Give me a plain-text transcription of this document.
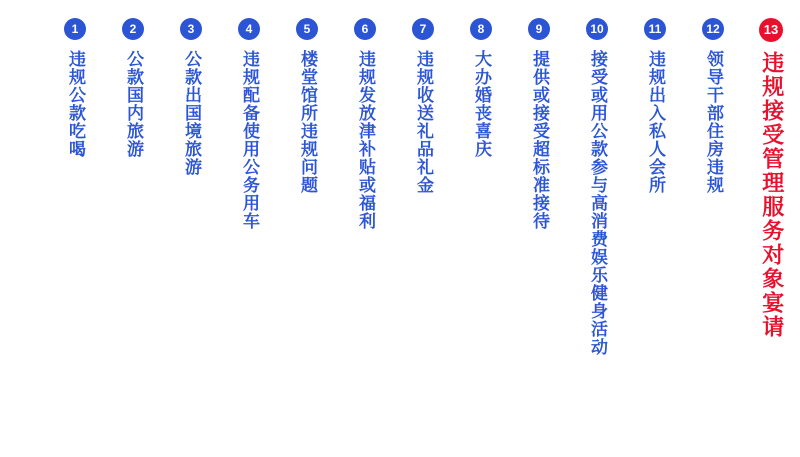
13
违规接受管理服务对象宴请
12
领导干部住房违规
11
违规出入私人会所
10
接受或用公款参与高消费娱乐健身活动
9
提供或接受超标准接待
8
大办婚丧喜庆
7
违规收送礼品礼金
6
违规发放津补贴或福利
5
楼堂馆所违规问题
4
违规配备使用公务用车
3
公款出国境旅游
2
公款国内旅游
1
违规公款吃喝
